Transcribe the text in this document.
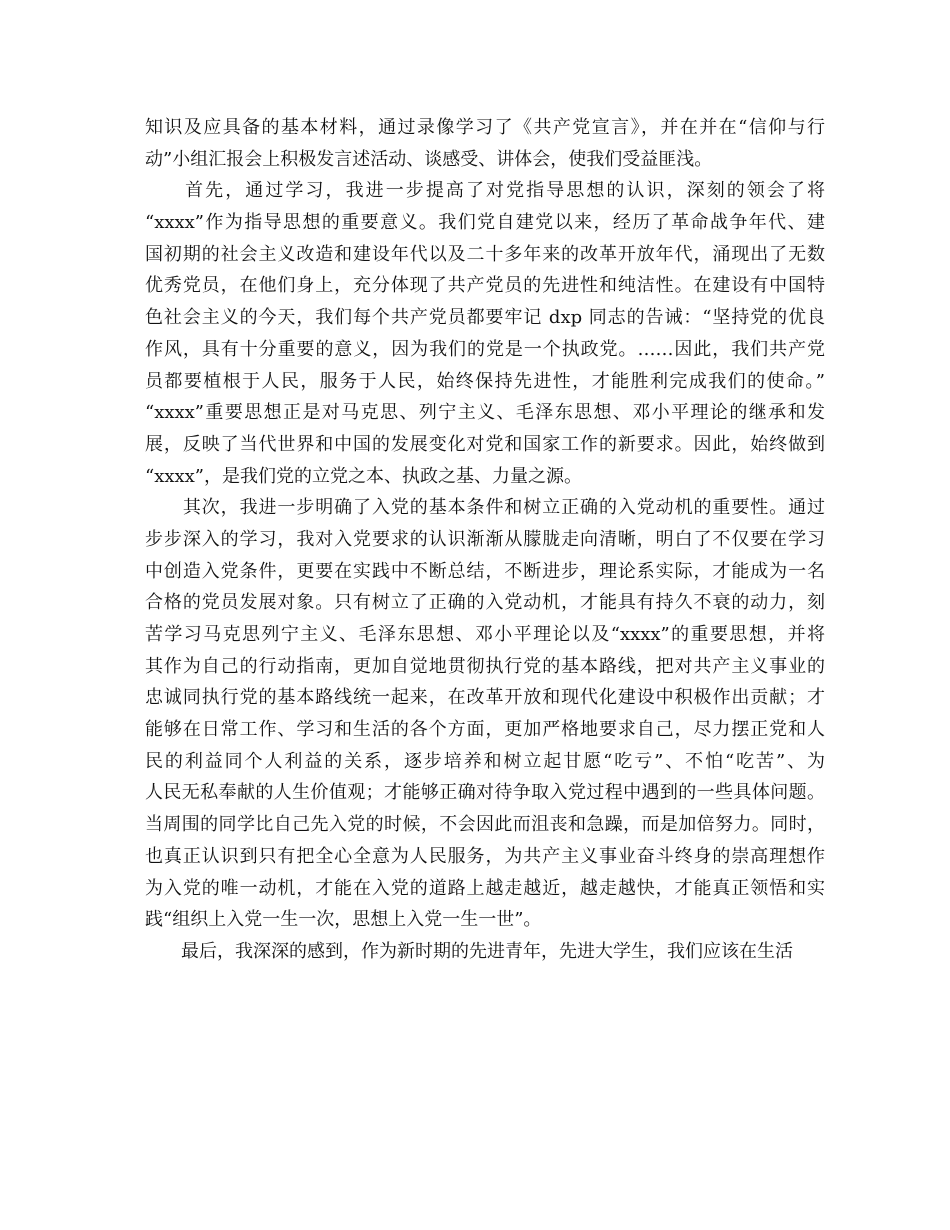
知识及应具备的基本材料，通过录像学习了《共产党宣言》，并在并在“信仰与行
动”小组汇报会上积极发言述活动、谈感受、讲体会，使我们受益匪浅。
　　首先，通过学习，我进一步提高了对党指导思想的认识，深刻的领会了将
“xxxx”作为指导思想的重要意义。我们党自建党以来，经历了革命战争年代、建
国初期的社会主义改造和建设年代以及二十多年来的改革开放年代，涌现出了无数
优秀党员，在他们身上，充分体现了共产党员的先进性和纯洁性。在建设有中国特
色社会主义的今天，我们每个共产党员都要牢记 dxp 同志的告诫：“坚持党的优良
作风，具有十分重要的意义，因为我们的党是一个执政党。……因此，我们共产党
员都要植根于人民，服务于人民，始终保持先进性，才能胜利完成我们的使命。”
“xxxx”重要思想正是对马克思、列宁主义、毛泽东思想、邓小平理论的继承和发
展，反映了当代世界和中国的发展变化对党和国家工作的新要求。因此，始终做到
“xxxx”，是我们党的立党之本、执政之基、力量之源。
　　其次，我进一步明确了入党的基本条件和树立正确的入党动机的重要性。通过
步步深入的学习，我对入党要求的认识渐渐从朦胧走向清晰，明白了不仅要在学习
中创造入党条件，更要在实践中不断总结，不断进步，理论系实际，才能成为一名
合格的党员发展对象。只有树立了正确的入党动机，才能具有持久不衰的动力，刻
苦学习马克思列宁主义、毛泽东思想、邓小平理论以及“xxxx”的重要思想，并将
其作为自己的行动指南，更加自觉地贯彻执行党的基本路线，把对共产主义事业的
忠诚同执行党的基本路线统一起来，在改革开放和现代化建设中积极作出贡献；才
能够在日常工作、学习和生活的各个方面，更加严格地要求自己，尽力摆正党和人
民的利益同个人利益的关系，逐步培养和树立起甘愿“吃亏”、不怕“吃苦”、为
人民无私奉献的人生价值观；才能够正确对待争取入党过程中遇到的一些具体问题。
当周围的同学比自己先入党的时候，不会因此而沮丧和急躁，而是加倍努力。同时，
也真正认识到只有把全心全意为人民服务，为共产主义事业奋斗终身的崇高理想作
为入党的唯一动机，才能在入党的道路上越走越近，越走越快，才能真正领悟和实
践“组织上入党一生一次，思想上入党一生一世”。
　　最后，我深深的感到，作为新时期的先进青年，先进大学生，我们应该在生活
